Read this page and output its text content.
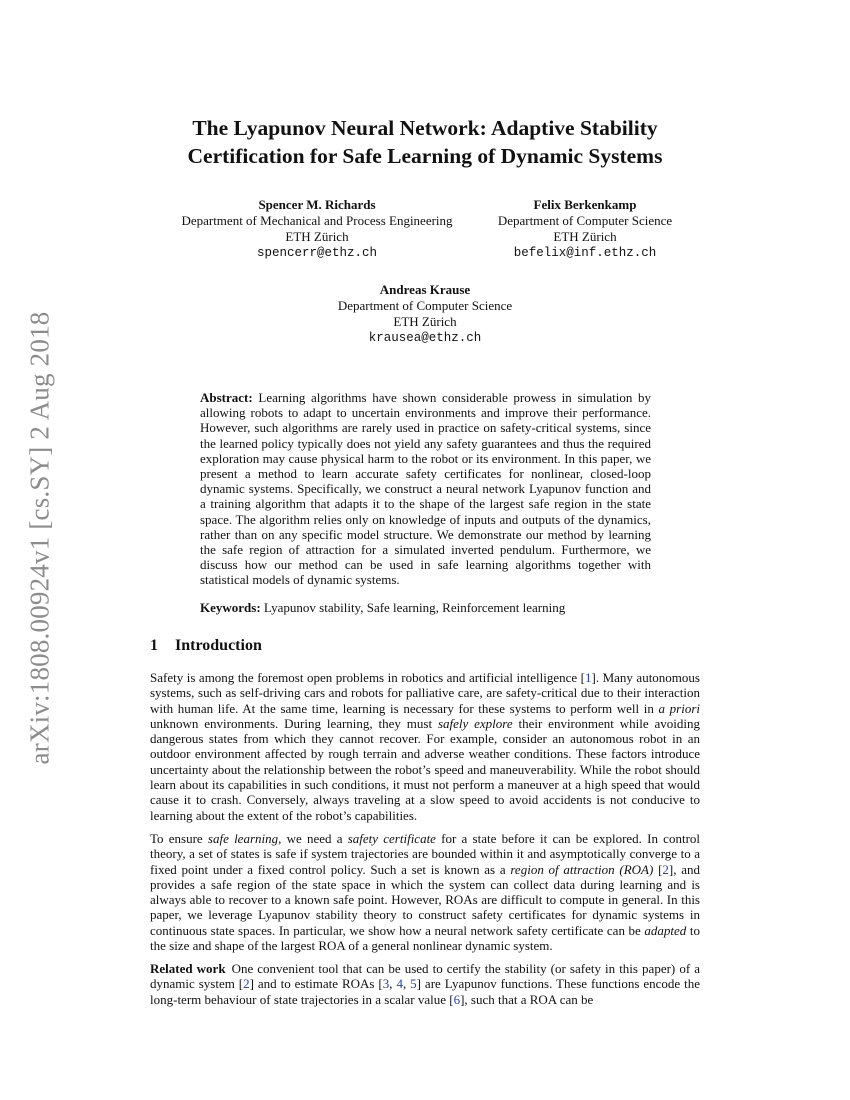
arXiv:1808.00924v1 [cs.SY] 2 Aug 2018
The Lyapunov Neural Network: Adaptive Stability
Certification for Safe Learning of Dynamic Systems
Spencer M. Richards
Department of Mechanical and Process Engineering
ETH Zürich
spencerr@ethz.ch
Felix Berkenkamp
Department of Computer Science
ETH Zürich
befelix@inf.ethz.ch
Andreas Krause
Department of Computer Science
ETH Zürich
krausea@ethz.ch
Abstract: Learning algorithms have shown considerable prowess in simulation by allowing robots to adapt to uncertain environments and improve their performance. However, such algorithms are rarely used in practice on safety-critical systems, since the learned policy typically does not yield any safety guarantees and thus the required exploration may cause physical harm to the robot or its environment. In this paper, we present a method to learn accurate safety certificates for nonlinear, closed-loop dynamic systems. Specifically, we construct a neural network Lyapunov function and a training algorithm that adapts it to the shape of the largest safe region in the state space. The algorithm relies only on knowledge of inputs and outputs of the dynamics, rather than on any specific model structure. We demonstrate our method by learning the safe region of attraction for a simulated inverted pendulum. Furthermore, we discuss how our method can be used in safe learning algorithms together with statistical models of dynamic systems.
Keywords: Lyapunov stability, Safe learning, Reinforcement learning
1 Introduction

Safety is among the foremost open problems in robotics and artificial intelligence [1]. Many autonomous systems, such as self-driving cars and robots for palliative care, are safety-critical due to their interaction with human life. At the same time, learning is necessary for these systems to perform well in a priori unknown environments. During learning, they must safely explore their environment while avoiding dangerous states from which they cannot recover. For example, consider an autonomous robot in an outdoor environment affected by rough terrain and adverse weather conditions. These factors introduce uncertainty about the relationship between the robot’s speed and maneuverability. While the robot should learn about its capabilities in such conditions, it must not perform a maneuver at a high speed that would cause it to crash. Conversely, always traveling at a slow speed to avoid accidents is not conducive to learning about the extent of the robot’s capabilities.

To ensure safe learning, we need a safety certificate for a state before it can be explored. In control theory, a set of states is safe if system trajectories are bounded within it and asymptotically converge to a fixed point under a fixed control policy. Such a set is known as a region of attraction (ROA) [2], and provides a safe region of the state space in which the system can collect data during learning and is always able to recover to a known safe point. However, ROAs are difficult to compute in general. In this paper, we leverage Lyapunov stability theory to construct safety certificates for dynamic systems in continuous state spaces. In particular, we show how a neural network safety certificate can be adapted to the size and shape of the largest ROA of a general nonlinear dynamic system.

Related work One convenient tool that can be used to certify the stability (or safety in this paper) of a dynamic system [2] and to estimate ROAs [3, 4, 5] are Lyapunov functions. These functions encode the long-term behaviour of state trajectories in a scalar value [6], such that a ROA can be
